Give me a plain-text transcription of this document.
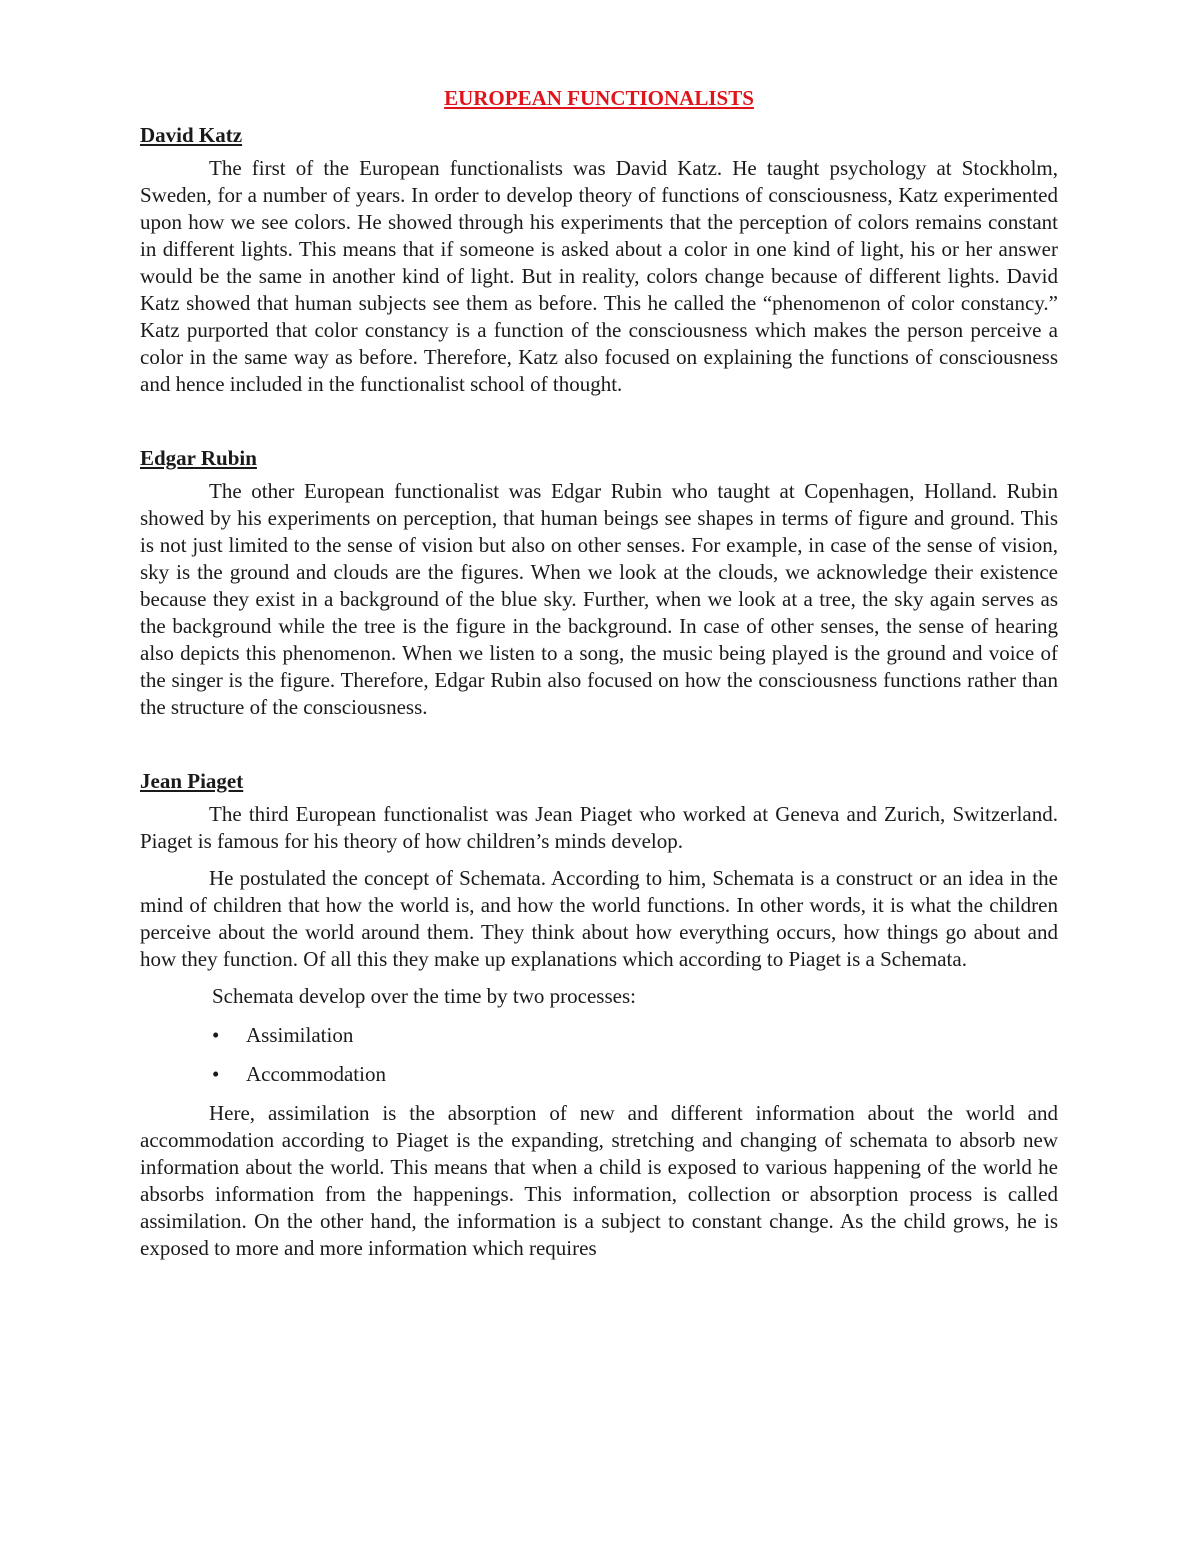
EUROPEAN FUNCTIONALISTS
David Katz

The first of the European functionalists was David Katz. He taught psychology at Stockholm, Sweden, for a number of years. In order to develop theory of functions of consciousness, Katz experimented upon how we see colors. He showed through his experiments that the perception of colors remains constant in different lights. This means that if someone is asked about a color in one kind of light, his or her answer would be the same in another kind of light. But in reality, colors change because of different lights. David Katz showed that human subjects see them as before. This he called the “phenomenon of color constancy.” Katz purported that color constancy is a function of the consciousness which makes the person perceive a color in the same way as before. Therefore, Katz also focused on explaining the functions of consciousness and hence included in the functionalist school of thought.

Edgar Rubin

The other European functionalist was Edgar Rubin who taught at Copenhagen, Holland. Rubin showed by his experiments on perception, that human beings see shapes in terms of figure and ground. This is not just limited to the sense of vision but also on other senses. For example, in case of the sense of vision, sky is the ground and clouds are the figures. When we look at the clouds, we acknowledge their existence because they exist in a background of the blue sky. Further, when we look at a tree, the sky again serves as the background while the tree is the figure in the background. In case of other senses, the sense of hearing also depicts this phenomenon. When we listen to a song, the music being played is the ground and voice of the singer is the figure. Therefore, Edgar Rubin also focused on how the consciousness functions rather than the structure of the consciousness.

Jean Piaget

The third European functionalist was Jean Piaget who worked at Geneva and Zurich, Switzerland. Piaget is famous for his theory of how children’s minds develop.

He postulated the concept of Schemata. According to him, Schemata is a construct or an idea in the mind of children that how the world is, and how the world functions. In other words, it is what the children perceive about the world around them. They think about how everything occurs, how things go about and how they function. Of all this they make up explanations which according to Piaget is a Schemata.

Schemata develop over the time by two processes:
•	Assimilation
•	Accommodation

Here, assimilation is the absorption of new and different information about the world and accommodation according to Piaget is the expanding, stretching and changing of schemata to absorb new information about the world. This means that when a child is exposed to various happening of the world he absorbs information from the happenings. This information, collection or absorption process is called assimilation. On the other hand, the information is a subject to constant change. As the child grows, he is exposed to more and more information which requires
